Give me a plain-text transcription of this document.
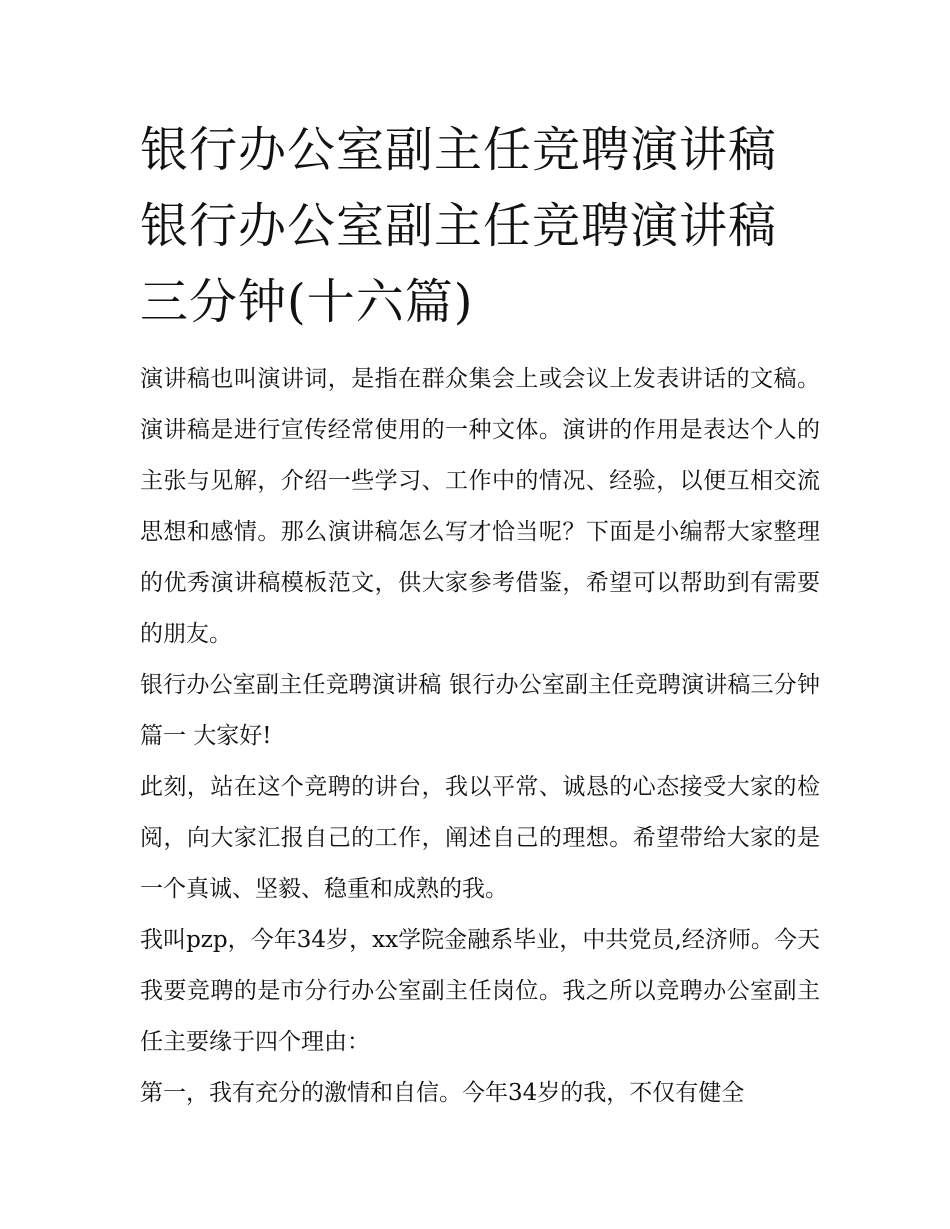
银行办公室副主任竞聘演讲稿
银行办公室副主任竞聘演讲稿
三分钟(十六篇)

演讲稿也叫演讲词，是指在群众集会上或会议上发表讲话的文稿。演讲稿是进行宣传经常使用的一种文体。演讲的作用是表达个人的主张与见解，介绍一些学习、工作中的情况、经验，以便互相交流思想和感情。那么演讲稿怎么写才恰当呢？下面是小编帮大家整理的优秀演讲稿模板范文，供大家参考借鉴，希望可以帮助到有需要的朋友。

银行办公室副主任竞聘演讲稿 银行办公室副主任竞聘演讲稿三分钟篇一 大家好!

此刻，站在这个竞聘的讲台，我以平常、诚恳的心态接受大家的检阅，向大家汇报自己的工作，阐述自己的理想。希望带给大家的是一个真诚、坚毅、稳重和成熟的我。

我叫pzp，今年34岁，xx学院金融系毕业，中共党员,经济师。今天我要竞聘的是市分行办公室副主任岗位。我之所以竞聘办公室副主任主要缘于四个理由：

第一，我有充分的激情和自信。今年34岁的我，不仅有健全
